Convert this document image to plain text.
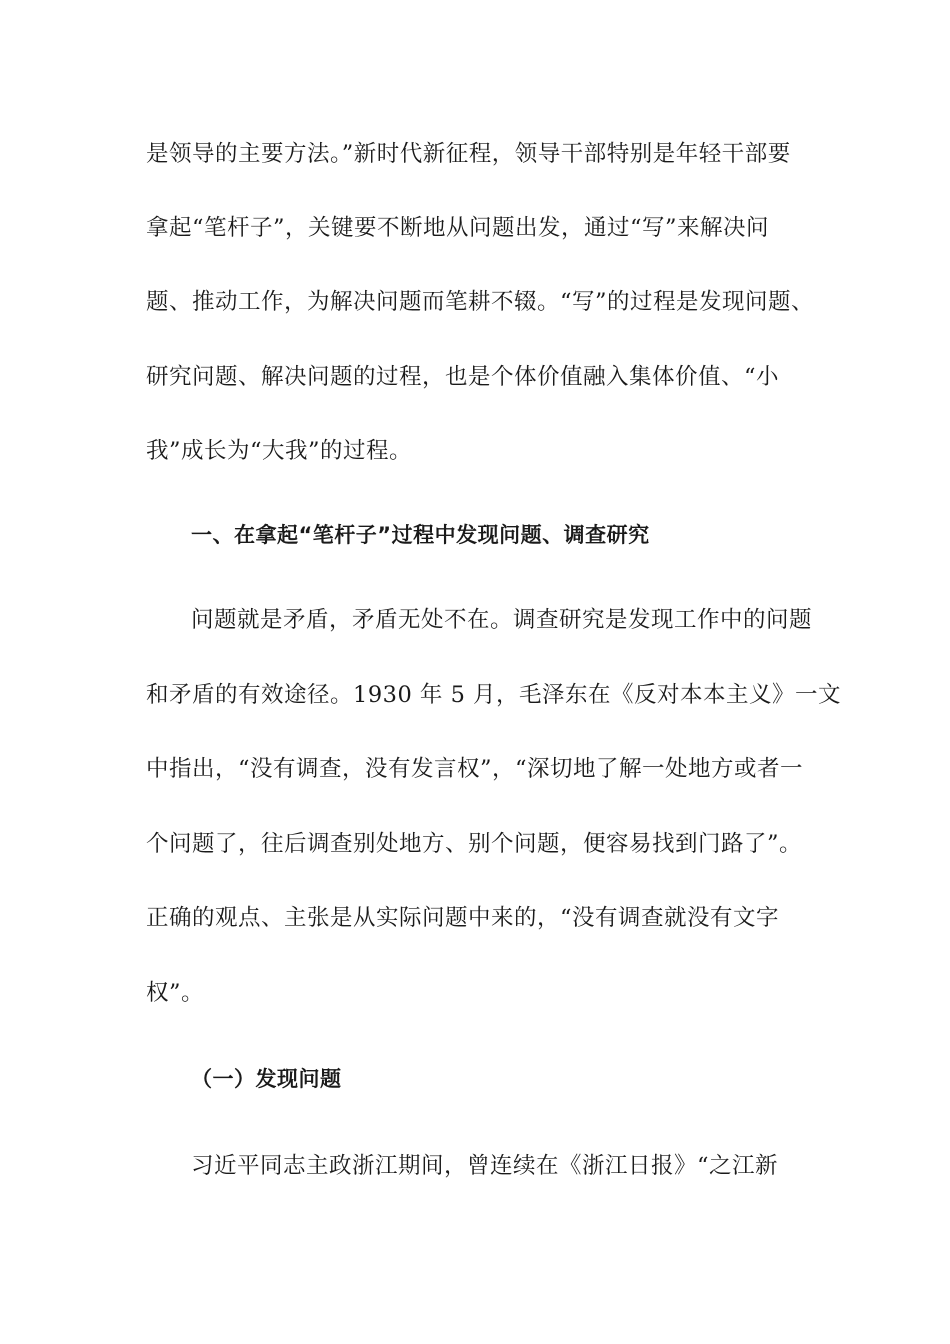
是领导的主要方法。”新时代新征程，领导干部特别是年轻干部要
拿起“笔杆子”，关键要不断地从问题出发，通过“写”来解决问
题、推动工作，为解决问题而笔耕不辍。“写”的过程是发现问题、
研究问题、解决问题的过程，也是个体价值融入集体价值、“小
我”成长为“大我”的过程。
一、在拿起“笔杆子”过程中发现问题、调查研究
问题就是矛盾，矛盾无处不在。调查研究是发现工作中的问题
和矛盾的有效途径。1930 年 5 月，毛泽东在《反对本本主义》一文
中指出，“没有调查，没有发言权”，“深切地了解一处地方或者一
个问题了，往后调查别处地方、别个问题，便容易找到门路了”。
正确的观点、主张是从实际问题中来的，“没有调查就没有文字
权”。
（一）发现问题
习近平同志主政浙江期间，曾连续在《浙江日报》“之江新
